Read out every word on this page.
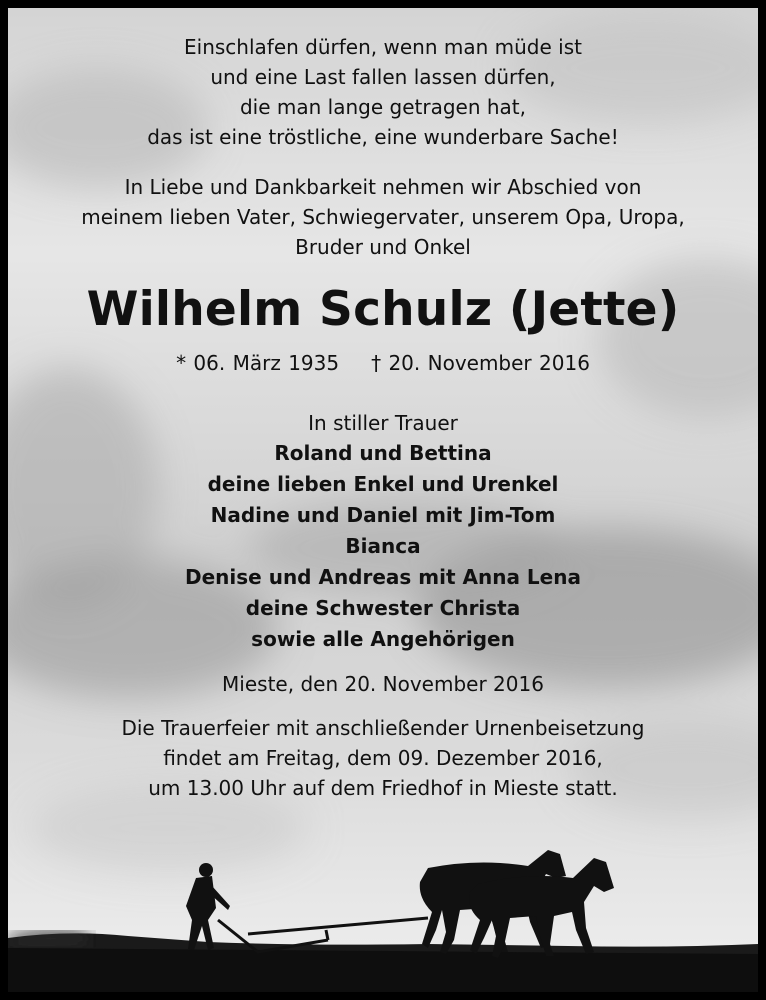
Einschlafen dürfen, wenn man müde ist
und eine Last fallen lassen dürfen,
die man lange getragen hat,
das ist eine tröstliche, eine wunderbare Sache!
In Liebe und Dankbarkeit nehmen wir Abschied von
meinem lieben Vater, Schwiegervater, unserem Opa, Uropa,
Bruder und Onkel
Wilhelm Schulz (Jette)
* 06. März 1935 † 20. November 2016
In stiller Trauer
Roland und Bettina
deine lieben Enkel und Urenkel
Nadine und Daniel mit Jim-Tom
Bianca
Denise und Andreas mit Anna Lena
deine Schwester Christa
sowie alle Angehörigen
Mieste, den 20. November 2016
Die Trauerfeier mit anschließender Urnenbeisetzung
findet am Freitag, dem 09. Dezember 2016,
um 13.00 Uhr auf dem Friedhof in Mieste statt.
